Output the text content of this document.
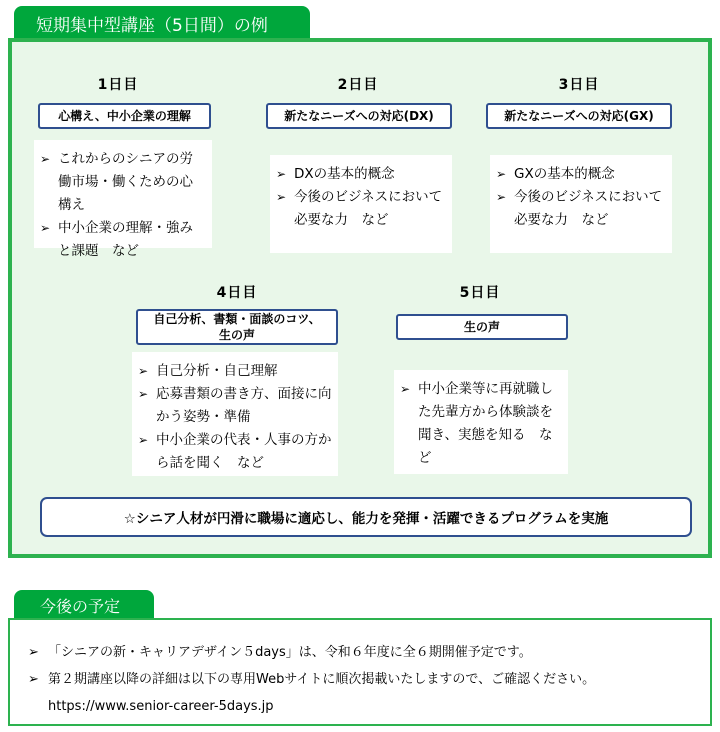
短期集中型講座（5日間）の例
1日目
心構え、中小企業の理解
➢ これからのシニアの労働市場・働くための心構え
➢ 中小企業の理解・強みと課題　など
2日目
新たなニーズへの対応(DX)
➢ DXの基本的概念
➢ 今後のビジネスにおいて必要な力　など
3日目
新たなニーズへの対応(GX)
➢ GXの基本的概念
➢ 今後のビジネスにおいて必要な力　など
4日目
自己分析、書類・面談のコツ、生の声
➢ 自己分析・自己理解
➢ 応募書類の書き方、面接に向かう姿勢・準備
➢ 中小企業の代表・人事の方から話を聞く　など
5日目
生の声
➢ 中小企業等に再就職した先輩方から体験談を聞き、実態を知る　など
☆シニア人材が円滑に職場に適応し、能力を発揮・活躍できるプログラムを実施
今後の予定
➢ 「シニアの新・キャリアデザイン５days」は、令和６年度に全６期開催予定です。
➢ 第２期講座以降の詳細は以下の専用Webサイトに順次掲載いたしますので、ご確認ください。
https://www.senior-career-5days.jp
